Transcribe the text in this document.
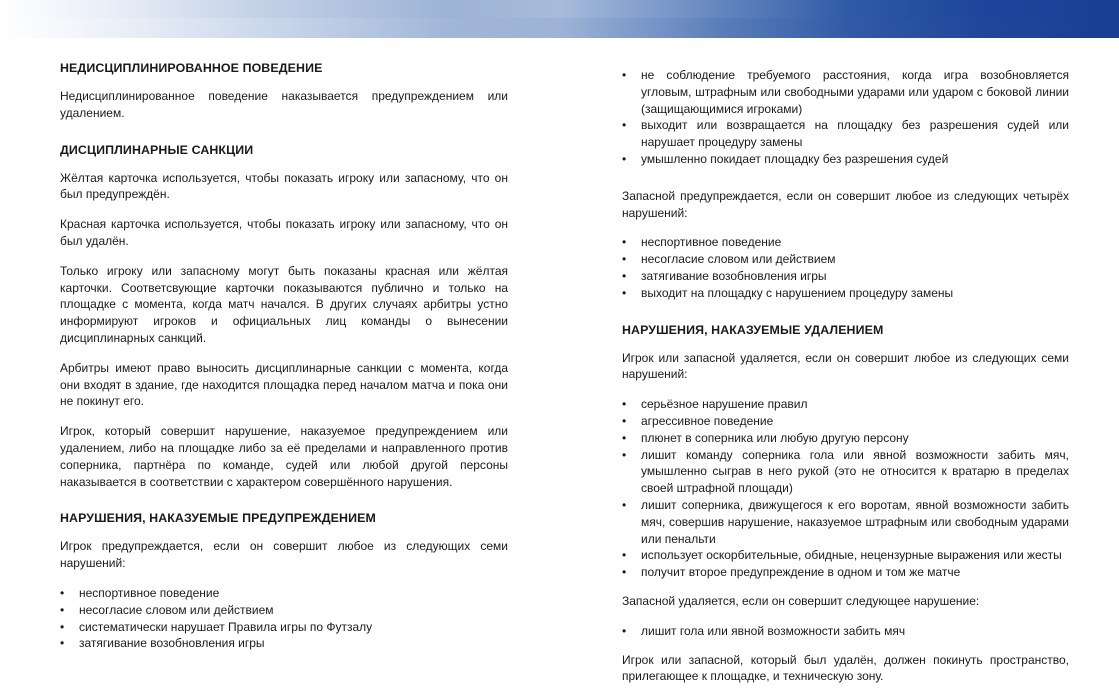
НЕДИСЦИПЛИНИРОВАННОЕ ПОВЕДЕНИЕ

Недисциплинированное поведение наказывается предупреждением или удалением.

ДИСЦИПЛИНАРНЫЕ САНКЦИИ

Жёлтая карточка используется, чтобы показать игроку или запасному, что он был предупреждён.

Красная карточка используется, чтобы показать игроку или запасному, что он был удалён.

Только игроку или запасному могут быть показаны красная или жёлтая карточки. Соответсвующие карточки показываются публично и только на площадке с момента, когда матч начался. В других случаях арбитры устно информируют игроков и официальных лиц команды о вынесении дисциплинарных санкций.

Арбитры имеют право выносить дисциплинарные санкции с момента, когда они входят в здание, где находится площадка перед началом матча и пока они не покинут его.

Игрок, который совершит нарушение, наказуемое предупреждением или удалением, либо на площадке либо за её пределами и направленного против соперника, партнёра по команде, судей или любой другой персоны наказывается в соответствии с характером совершённого нарушения.

НАРУШЕНИЯ, НАКАЗУЕМЫЕ ПРЕДУПРЕЖДЕНИЕМ

Игрок предупреждается, если он совершит любое из следующих семи нарушений:

• неспортивное поведение
• несогласие словом или действием
• систематически нарушает Правила игры по Футзалу
• затягивание возобновления игры
• не соблюдение требуемого расстояния, когда игра возобновляется угловым, штрафным или свободными ударами или ударом с боковой линии (защищающимися игроками)
• выходит или возвращается на площадку без разрешения судей или нарушает процедуру замены
• умышленно покидает площадку без разрешения судей

Запасной предупреждается, если он совершит любое из следующих четырёх нарушений:

• неспортивное поведение
• несогласие словом или действием
• затягивание возобновления игры
• выходит на площадку с нарушением процедуру замены
НАРУШЕНИЯ, НАКАЗУЕМЫЕ УДАЛЕНИЕМ

Игрок или запасной удаляется, если он совершит любое из следующих семи нарушений:

• серьёзное нарушение правил
• агрессивное поведение
• плюнет в соперника или любую другую персону
• лишит команду соперника гола или явной возможности забить мяч, умышленно сыграв в него рукой (это не относится к вратарю в пределах своей штрафной площади)
• лишит соперника, движущегося к его воротам, явной возможности забить мяч, совершив нарушение, наказуемое штрафным или свободным ударами или пенальти
• использует оскорбительные, обидные, нецензурные выражения или жесты
• получит второе предупреждение в одном и том же матче

Запасной удаляется, если он совершит следующее нарушение:

• лишит гола или явной возможности забить мяч

Игрок или запасной, который был удалён, должен покинуть пространство, прилегающее к площадке, и техническую зону.
